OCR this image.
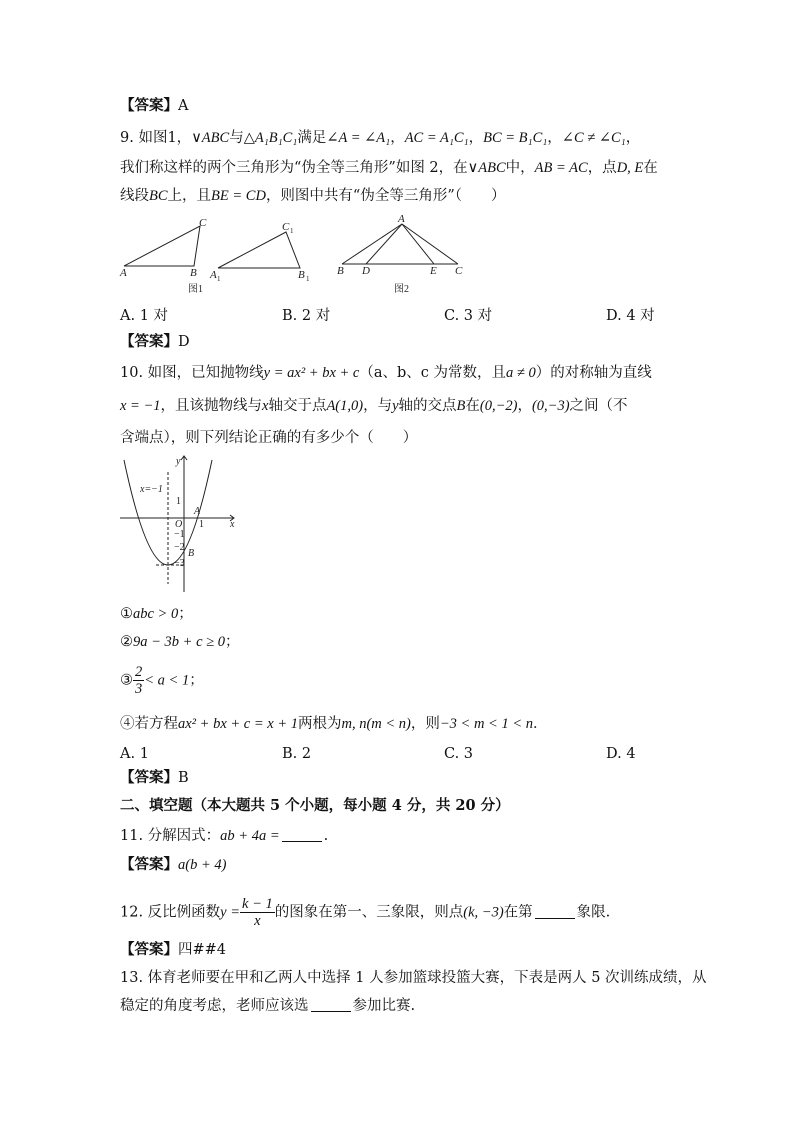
【答案】A
9. 如图1，∨ABC与△A₁B₁C₁满足∠A = ∠A₁，AC = A₁C₁，BC = B₁C₁，∠C ≠ ∠C₁，
我们称这样的两个三角形为“伪全等三角形”如图 2，在∨ABC中，AB = AC，点D, E在
线段BC上，且BE = CD，则图中共有“伪全等三角形”（　　）
A	B
C
A 1	B 1
C 1
B D	E C
A
图1	图2
A. 1 对	B. 2 对	C. 3 对	D. 4 对
【答案】D
10. 如图，已知抛物线y = ax² + bx + c（a、b、c 为常数，且a ≠ 0）的对称轴为直线
x = −1，且该抛物线与x轴交于点A(1,0)，与y轴的交点B在(0,−2)，(0,−3)之间（不
含端点），则下列结论正确的有多少个（　　）
y
x
x=−1
1
O
A
1
−1
−2
−3
B
①abc > 0；
②9a − 3b + c ≥ 0；
③ $\frac{2}{3} < a < 1$；
④若方程ax² + bx + c = x + 1两根为m, n(m < n)，则−3 < m < 1 < n．
A. 1	B. 2	C. 3	D. 4
【答案】B
二、填空题（本大题共 5 个小题，每小题 4 分，共 20 分）
11. 分解因式：ab + 4a =	.
【答案】a(b + 4)
12. 反比例函数$y = \frac{k - 1}{x}$ 的图象在第一、三象限，则点(k, −3)在第	象限.
【答案】四##4
13. 体育老师要在甲和乙两人中选择 1 人参加篮球投篮大赛，下表是两人 5 次训练成绩，从
稳定的角度考虑，老师应该选	参加比赛.
